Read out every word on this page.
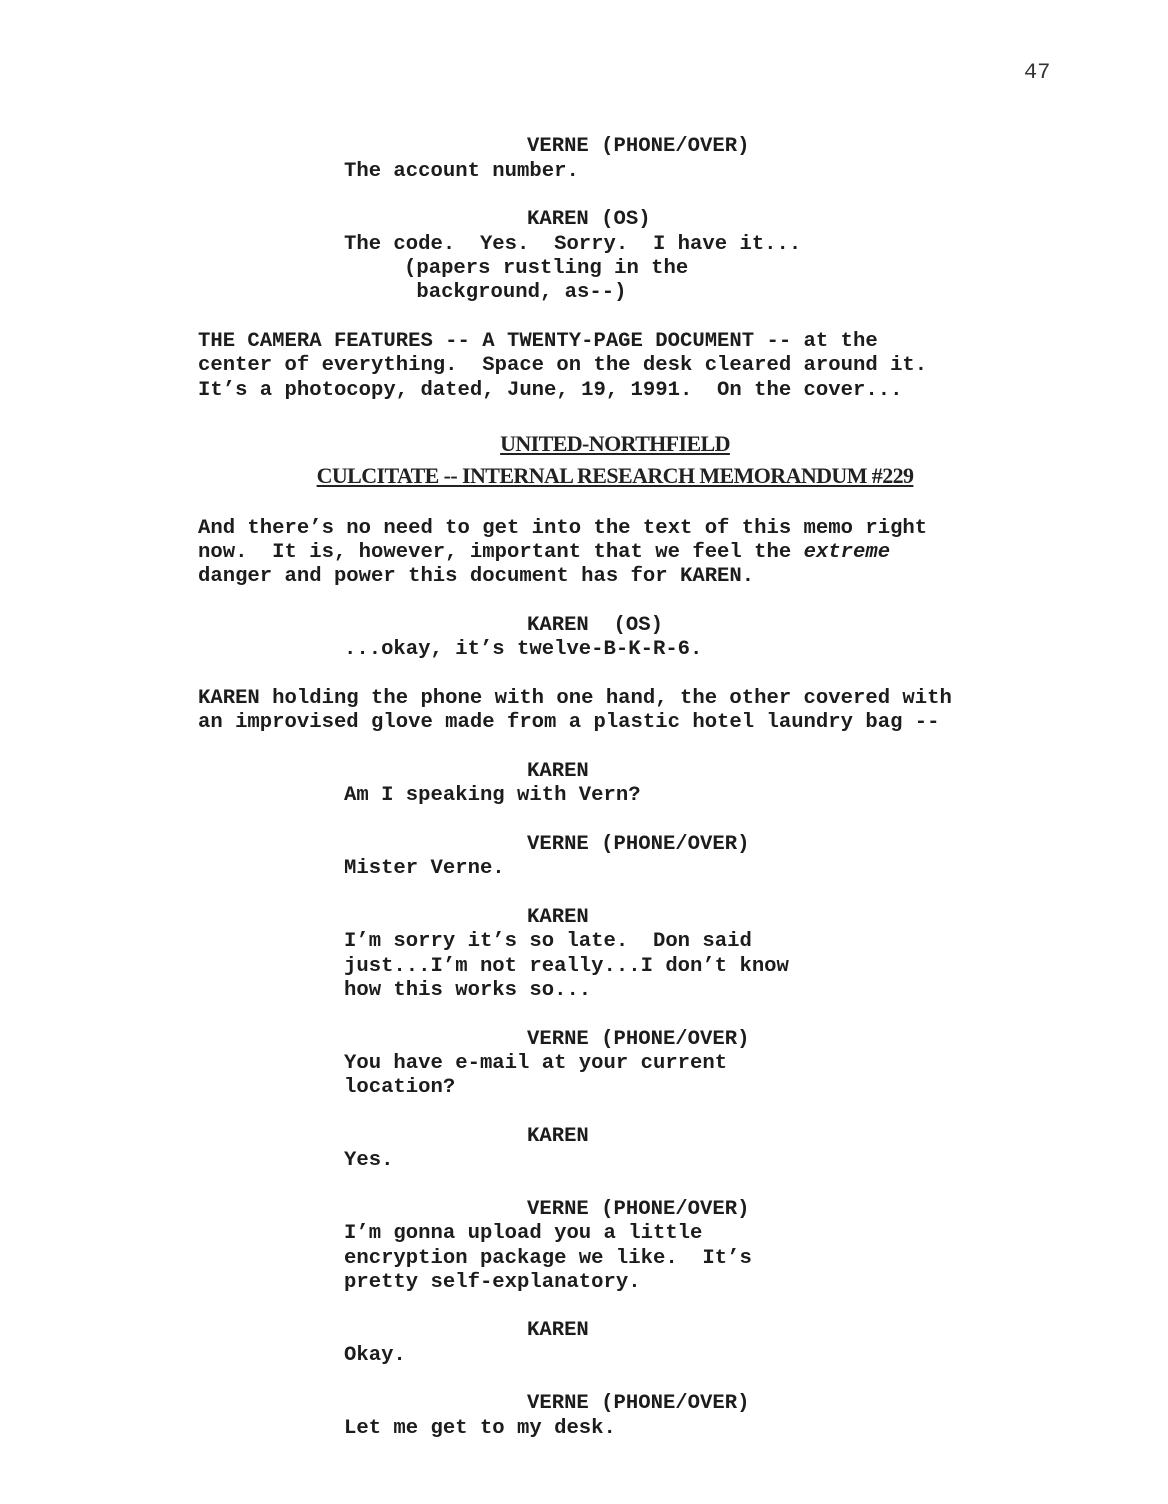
47

VERNE (PHONE/OVER)

The account number.

KAREN (OS)

The code.  Yes.  Sorry.  I have it...

(papers rustling in the

background, as--)

THE CAMERA FEATURES -- A TWENTY-PAGE DOCUMENT -- at the

center of everything.  Space on the desk cleared around it.

It’s a photocopy, dated, June, 19, 1991.  On the cover...

UNITED-NORTHFIELD
CULCITATE -- INTERNAL RESEARCH MEMORANDUM #229

And there’s no need to get into the text of this memo right

now.  It is, however, important that we feel the extreme

danger and power this document has for KAREN.

KAREN  (OS)

...okay, it’s twelve-B-K-R-6.

KAREN holding the phone with one hand, the other covered with

an improvised glove made from a plastic hotel laundry bag --

KAREN

Am I speaking with Vern?

VERNE (PHONE/OVER)

Mister Verne.

KAREN

I’m sorry it’s so late.  Don said

just...I’m not really...I don’t know

how this works so...

VERNE (PHONE/OVER)

You have e-mail at your current

location?

KAREN

Yes.

VERNE (PHONE/OVER)

I’m gonna upload you a little

encryption package we like.  It’s

pretty self-explanatory.

KAREN

Okay.

VERNE (PHONE/OVER)

Let me get to my desk.
